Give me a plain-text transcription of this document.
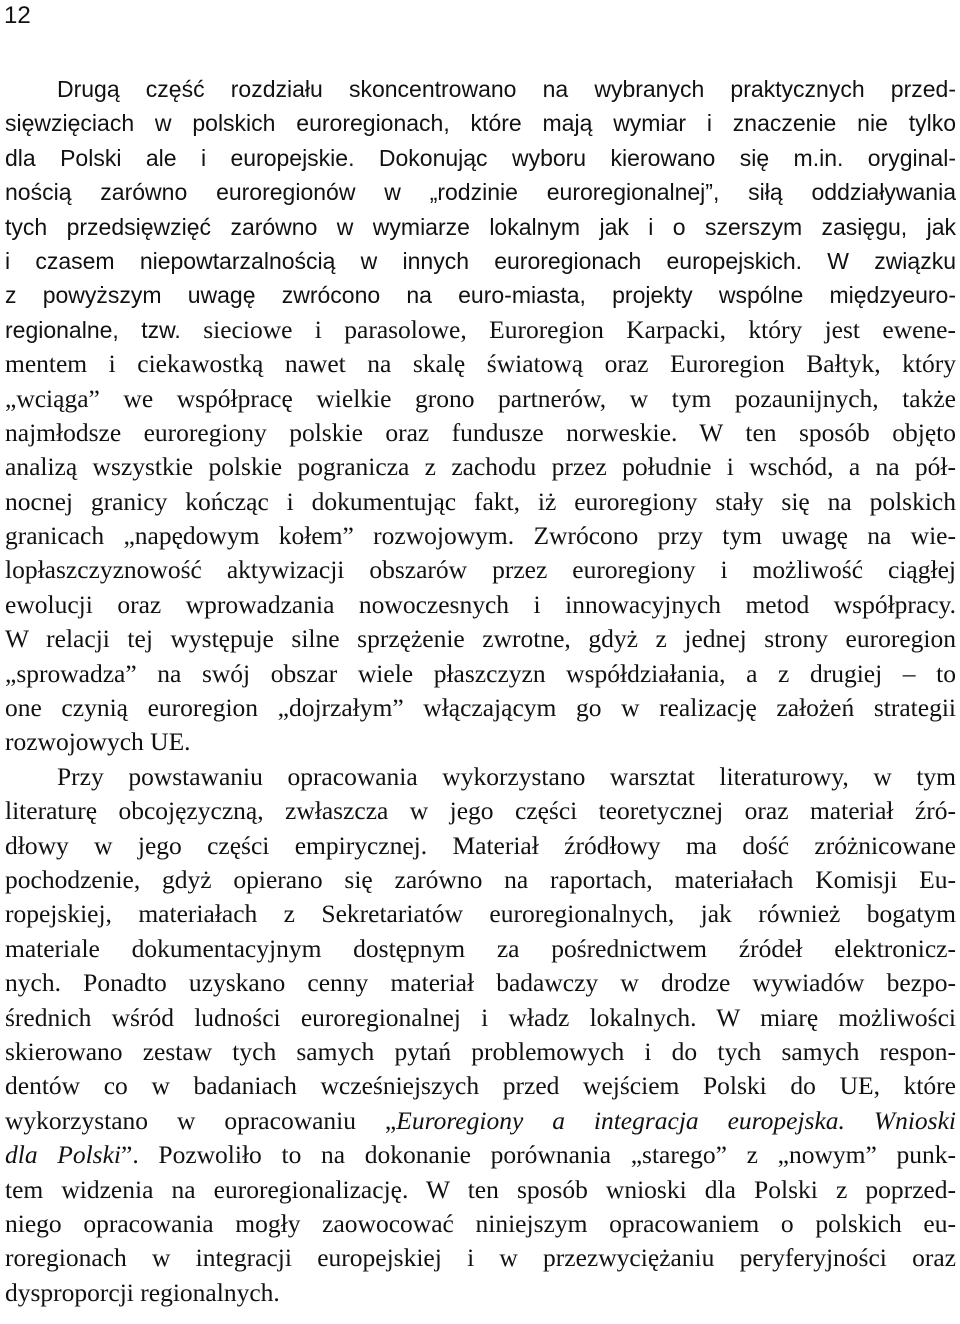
12
Drugą część rozdziału skoncentrowano na wybranych praktycznych przed-
sięwzięciach w polskich euroregionach, które mają wymiar i znaczenie nie tylko
dla Polski ale i europejskie. Dokonując wyboru kierowano się m.in. oryginal-
nością zarówno euroregionów w „rodzinie euroregionalnej”, siłą oddziaływania
tych przedsięwzięć zarówno w wymiarze lokalnym jak i o szerszym zasięgu, jak
i czasem niepowtarzalnością w innych euroregionach europejskich. W związku
z powyższym uwagę zwrócono na euro-miasta, projekty wspólne międzyeuro-
regionalne, tzw. sieciowe i parasolowe, Euroregion Karpacki, który jest ewene-
mentem i ciekawostką nawet na skalę światową oraz Euroregion Bałtyk, który
„wciąga” we współpracę wielkie grono partnerów, w tym pozaunijnych, także
najmłodsze euroregiony polskie oraz fundusze norweskie. W ten sposób objęto
analizą wszystkie polskie pogranicza z zachodu przez południe i wschód, a na pół-
nocnej granicy kończąc i dokumentując fakt, iż euroregiony stały się na polskich
granicach „napędowym kołem” rozwojowym. Zwrócono przy tym uwagę na wie-
lopłaszczyznowość aktywizacji obszarów przez euroregiony i możliwość ciągłej
ewolucji oraz wprowadzania nowoczesnych i innowacyjnych metod współpracy.
W relacji tej występuje silne sprzężenie zwrotne, gdyż z jednej strony euroregion
„sprowadza” na swój obszar wiele płaszczyzn współdziałania, a z drugiej – to
one czynią euroregion „dojrzałym” włączającym go w realizację założeń strategii
rozwojowych UE.
Przy powstawaniu opracowania wykorzystano warsztat literaturowy, w tym
literaturę obcojęzyczną, zwłaszcza w jego części teoretycznej oraz materiał źró-
dłowy w jego części empirycznej. Materiał źródłowy ma dość zróżnicowane
pochodzenie, gdyż opierano się zarówno na raportach, materiałach Komisji Eu-
ropejskiej, materiałach z Sekretariatów euroregionalnych, jak również bogatym
materiale dokumentacyjnym dostępnym za pośrednictwem źródeł elektronicz-
nych. Ponadto uzyskano cenny materiał badawczy w drodze wywiadów bezpo-
średnich wśród ludności euroregionalnej i władz lokalnych. W miarę możliwości
skierowano zestaw tych samych pytań problemowych i do tych samych respon-
dentów co w badaniach wcześniejszych przed wejściem Polski do UE, które
wykorzystano w opracowaniu „Euroregiony a integracja europejska. Wnioski
dla Polski”. Pozwoliło to na dokonanie porównania „starego” z „nowym” punk-
tem widzenia na euroregionalizację. W ten sposób wnioski dla Polski z poprzed-
niego opracowania mogły zaowocować niniejszym opracowaniem o polskich eu-
roregionach w integracji europejskiej i w przezwyciężaniu peryferyjności oraz
dysproporcji regionalnych.
